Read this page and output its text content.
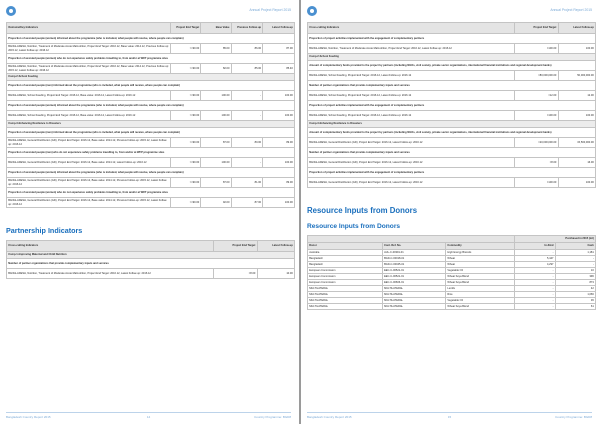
Annual Project Report 2015
Outcome/Key Indicators	Project End Target	Base Value	Previous Follow-up	Latest Follow-up
Proportion of assisted people (women) informed about the programme (who is included, what people will receive, where people can complain)				
BANGLADESH, Nutrition, Treatment of Moderate Acute Malnutrition, Project End Target: 2016.12, Base value: 2014.12, Previous Follow-up: 2015.12, Latest Follow-up: 2016.12	>=90.00	85.00	86.00	87.00
Proportion of assisted people (women) who do not experience safety problems travelling to, from and/or at WFP programme sites				
BANGLADESH, Nutrition, Treatment of Moderate Acute Malnutrition, Project End Target: 2016.12, Base value: 2014.12, Previous Follow-up: 2015.12, Latest Follow-up: 2016.12	>=90.00	82.00	85.00	85.40
Comp.2-School Feeding				
Proportion of assisted people (men) informed about the programme (who is included, what people will receive, where people can complain)				
BANGLADESH, School Feeding, Project End Target: 2016.12, Base value: 2016.12, Latest Follow-up: 2016.12	>=90.00	100.00	-	100.00
Proportion of assisted people (women) informed about the programme (who is included, what people will receive, where people can complain)				
BANGLADESH, School Feeding, Project End Target: 2016.12, Base value: 2016.12, Latest Follow-up: 2016.12	>=90.00	100.00	-	100.00
Comp.3-Enhancing Resilience to Disasters				
Proportion of assisted people (men) informed about the programme (who is included, what people will receive, where people can complain)				
BANGLADESH, General Distribution (GD), Project End Target: 2016.12, Base value: 2014.12, Previous Follow-up: 2015.12, Latest Follow-up: 2016.12	>=90.00	87.00	80.00	89.00
Proportion of assisted people (men) who do not experience safety problems travelling to, from and/or at WFP programme sites				
BANGLADESH, General Distribution (GD), Project End Target: 2016.12, Base value: 2014.12, Latest Follow-up: 2016.12	>=90.00	100.00	-	100.00
Proportion of assisted people (women) informed about the programme (who is included, what people will receive, where people can complain)				
BANGLADESH, General Distribution (GD), Project End Target: 2016.12, Base value: 2014.12, Previous Follow-up: 2015.12, Latest Follow-up: 2016.12	>=90.00	87.00	81.00	89.00
Proportion of assisted people (women) who do not experience safety problems travelling to, from and/or at WFP programme sites				
BANGLADESH, General Distribution (GD), Project End Target: 2016.12, Base value: 2014.12, Previous Follow-up: 2015.12, Latest Follow-up: 2016.12	>=90.00	92.00	87.00	100.00
Partnership Indicators
Cross-cutting Indicators	Project End Target	Latest Follow-up
Comp.1-Improving Maternal and Child Nutrition		
Number of partner organizations that provide complementary inputs and services		
BANGLADESH, Nutrition, Treatment of Moderate Acute Malnutrition, Project End Target: 2016.12, Latest Follow-up: 2016.12	=8.00	10.00
Bangladesh Country Report 2015	14	Country Programme: BGD8
Annual Project Report 2015
Cross-cutting Indicators	Project End Target	Latest Follow-up
Proportion of project activities implemented with the engagement of complementary partners		
BANGLADESH, Nutrition, Treatment of Moderate Acute Malnutrition, Project End Target: 2016.12, Latest Follow-up: 2016.12	=100.00	100.00
Comp.2-School Feeding		
Amount of complementary funds provided to the project by partners (including NGOs, civil society, private sector organizations, international financial institutions and regional development banks)		
BANGLADESH, School Feeding, Project End Target: 2016.12, Latest Follow-up: 2016.12	=80,000,000.00	50,000,000.00
Number of partner organizations that provide complementary inputs and services		
BANGLADESH, School Feeding, Project End Target: 2016.12, Latest Follow-up: 2016.12	=12.00	12.00
Proportion of project activities implemented with the engagement of complementary partners		
BANGLADESH, School Feeding, Project End Target: 2016.12, Latest Follow-up: 2016.12	=100.00	100.00
Comp.3-Enhancing Resilience to Disasters		
Amount of complementary funds provided to the project by partners (including NGOs, civil society, private sector organizations, international financial institutions and regional development banks)		
BANGLADESH, General Distribution (GD), Project End Target: 2016.12, Latest Follow-up: 2016.12	=20,000,000.00	15,500,000.00
Number of partner organizations that provide complementary inputs and services		
BANGLADESH, General Distribution (GD), Project End Target: 2016.12, Latest Follow-up: 2016.12	=8.00	16.00
Proportion of project activities implemented with the engagement of complementary partners		
BANGLADESH, General Distribution (GD), Project End Target: 2016.12, Latest Follow-up: 2016.12	=100.00	100.00
Resource Inputs from Donors
Resource Inputs from Donors
			Purchased in 2015 (mt)	
Donor	Cont. Ref. No.	Commodity	In-Kind	Cash
Australia	AUL-C-00391-01	High Energy Biscuits	-	1,181
Bangladesh	BGD-C-00018-01	Wheat	5,447	-
Bangladesh	BGD-C-00045-01	Wheat	4,297	-
European Commission	EEC-C-00521-01	Vegetable Oil	-	10
European Commission	EEC-C-00521-01	Wheat Soya Blend	-	396
European Commission	EEC-C-00606-01	Wheat Soya Blend	-	873
MULTILATERAL	MULTILATERAL	Lentils	-	42
MULTILATERAL	MULTILATERAL	Rice	-	1,066
MULTILATERAL	MULTILATERAL	Vegetable Oil	-	36
MULTILATERAL	MULTILATERAL	Wheat Soya Blend	-	61
Bangladesh Country Report 2015	15	Country Programme: BGD8
